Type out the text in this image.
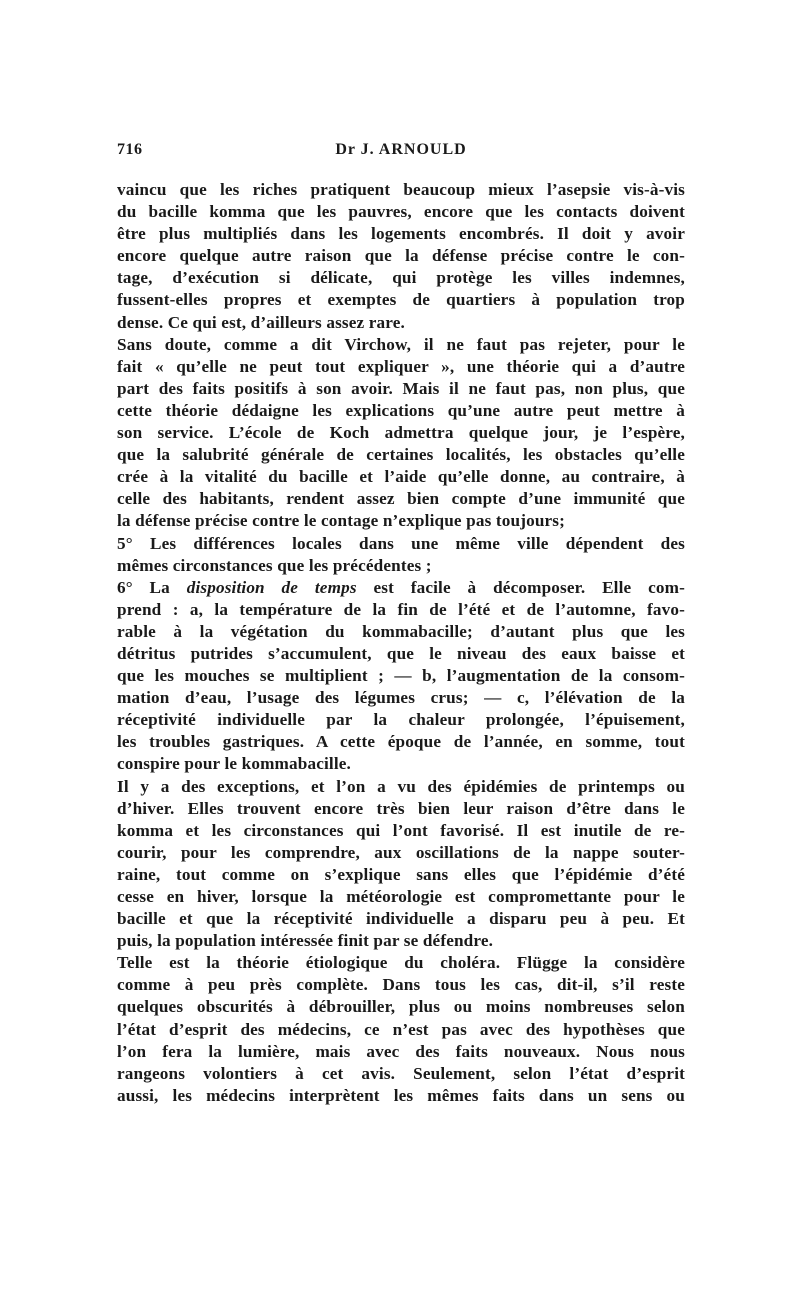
716	Dr J. ARNOULD
vaincu que les riches pratiquent beaucoup mieux l’asepsie vis-à-vis
du bacille komma que les pauvres, encore que les contacts doivent
être plus multipliés dans les logements encombrés. Il doit y avoir
encore quelque autre raison que la défense précise contre le con-
tage, d’exécution si délicate, qui protège les villes indemnes,
fussent-elles propres et exemptes de quartiers à population trop
dense. Ce qui est, d’ailleurs assez rare.
Sans doute, comme a dit Virchow, il ne faut pas rejeter, pour le
fait « qu’elle ne peut tout expliquer », une théorie qui a d’autre
part des faits positifs à son avoir. Mais il ne faut pas, non plus, que
cette théorie dédaigne les explications qu’une autre peut mettre à
son service. L’école de Koch admettra quelque jour, je l’espère,
que la salubrité générale de certaines localités, les obstacles qu’elle
crée à la vitalité du bacille et l’aide qu’elle donne, au contraire, à
celle des habitants, rendent assez bien compte d’une immunité que
la défense précise contre le contage n’explique pas toujours;
5° Les différences locales dans une même ville dépendent des
mêmes circonstances que les précédentes ;
6° La disposition de temps est facile à décomposer. Elle com-
prend : a, la température de la fin de l’été et de l’automne, favo-
rable à la végétation du kommabacille; d’autant plus que les
détritus putrides s’accumulent, que le niveau des eaux baisse et
que les mouches se multiplient ; — b, l’augmentation de la consom-
mation d’eau, l’usage des légumes crus; — c, l’élévation de la
réceptivité individuelle par la chaleur prolongée, l’épuisement,
les troubles gastriques. A cette époque de l’année, en somme, tout
conspire pour le kommabacille.
Il y a des exceptions, et l’on a vu des épidémies de printemps ou
d’hiver. Elles trouvent encore très bien leur raison d’être dans le
komma et les circonstances qui l’ont favorisé. Il est inutile de re-
courir, pour les comprendre, aux oscillations de la nappe souter-
raine, tout comme on s’explique sans elles que l’épidémie d’été
cesse en hiver, lorsque la météorologie est compromettante pour le
bacille et que la réceptivité individuelle a disparu peu à peu. Et
puis, la population intéressée finit par se défendre.
Telle est la théorie étiologique du choléra. Flügge la considère
comme à peu près complète. Dans tous les cas, dit-il, s’il reste
quelques obscurités à débrouiller, plus ou moins nombreuses selon
l’état d’esprit des médecins, ce n’est pas avec des hypothèses que
l’on fera la lumière, mais avec des faits nouveaux. Nous nous
rangeons volontiers à cet avis. Seulement, selon l’état d’esprit
aussi, les médecins interprètent les mêmes faits dans un sens ou
